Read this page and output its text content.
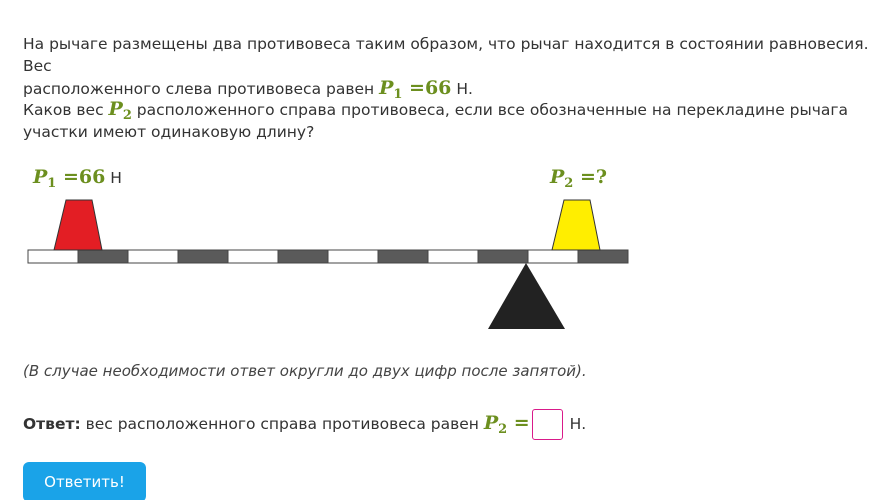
На рычаге размещены два противовеса таким образом, что рычаг находится в состоянии равновесия. Вес
расположенного слева противовеса равен $P_1 =66$ Н.

Каков вес $P_2$ расположенного справа противовеса, если все обозначенные на перекладине рычага участки имеют одинаковую длину?

$P_1 =66$ Н	$P_2$ =?
(В случае необходимости ответ округли до двух цифр после запятой).
Ответ: вес расположенного справа противовеса равен $P_2 = Н$.
Ответить!
